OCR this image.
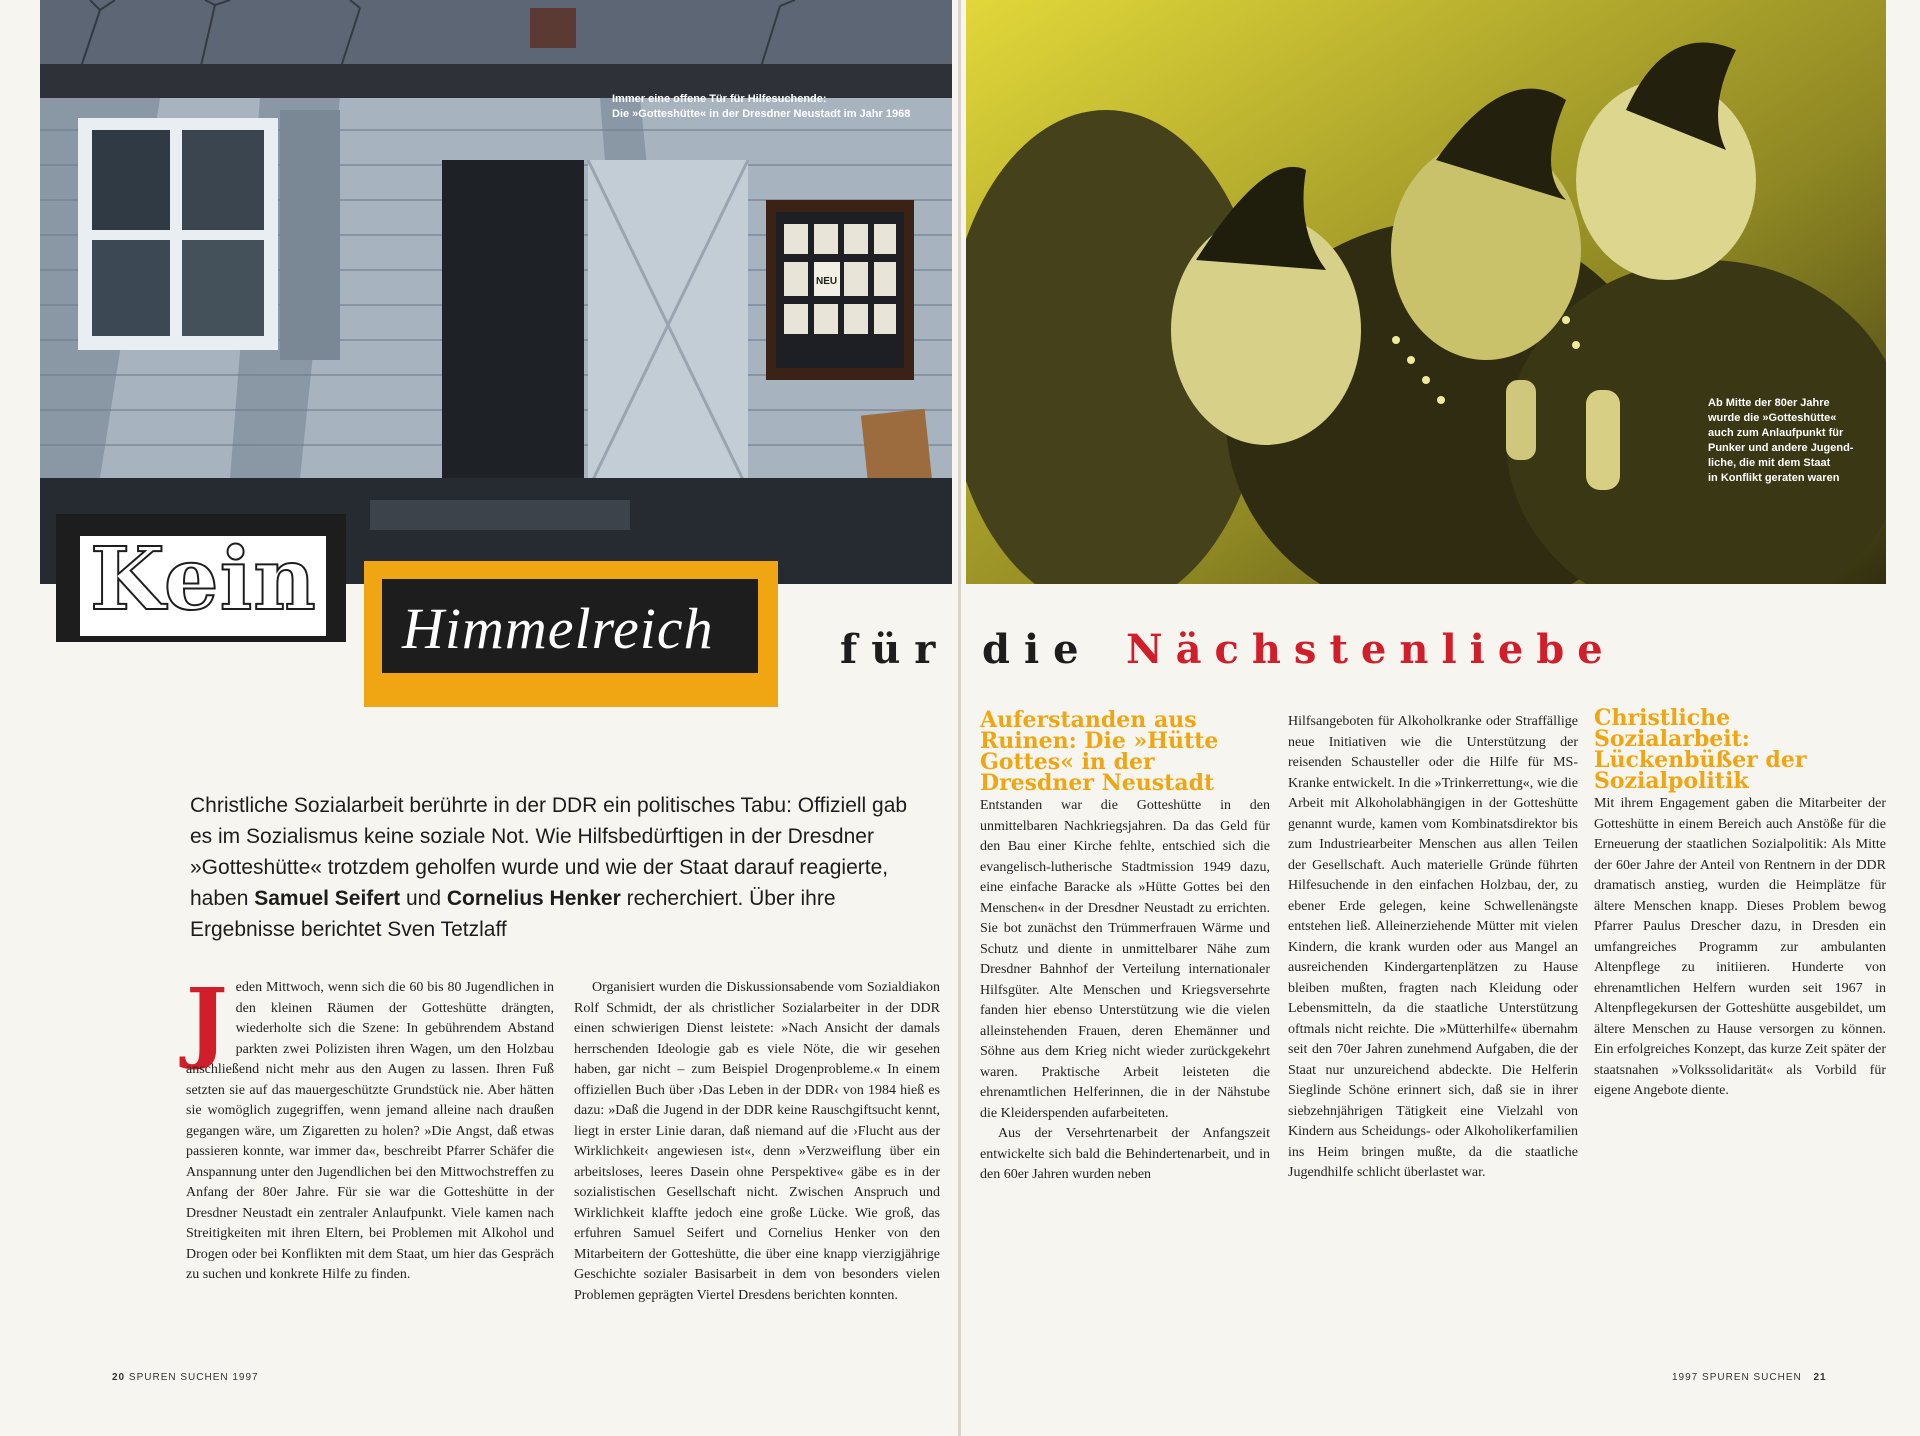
NEU
Immer eine offene Tür für Hilfesuchende:
Die »Gotteshütte« in der Dresdner Neustadt im Jahr 1968
Ab Mitte der 80er Jahre
wurde die »Gotteshütte«
auch zum Anlaufpunkt für
Punker und andere Jugend-
liche, die mit dem Staat
in Konflikt geraten waren
Kein Himmelreich	für die Nächstenliebe
Christliche Sozialarbeit berührte in der DDR ein politisches Tabu: Offiziell gab es im Sozialismus keine soziale Not. Wie Hilfsbedürftigen in der Dresdner »Gotteshütte« trotzdem geholfen wurde und wie der Staat darauf reagierte, haben Samuel Seifert und Cornelius Henker recherchiert. Über ihre Ergebnisse berichtet Sven Tetzlaff

Jeden Mittwoch, wenn sich die 60 bis 80 Jugendlichen in den kleinen Räumen der Gotteshütte drängten, wiederholte sich die Szene: In gebührendem Abstand parkten zwei Polizisten ihren Wagen, um den Holzbau anschließend nicht mehr aus den Augen zu lassen. Ihren Fuß setzten sie auf das mauergeschützte Grundstück nie. Aber hätten sie womöglich zugegriffen, wenn jemand alleine nach draußen gegangen wäre, um Zigaretten zu holen? »Die Angst, daß etwas passieren konnte, war immer da«, beschreibt Pfarrer Schäfer die Anspannung unter den Jugendlichen bei den Mittwochstreffen zu Anfang der 80er Jahre. Für sie war die Gotteshütte in der Dresdner Neustadt ein zentraler Anlaufpunkt. Viele kamen nach Streitigkeiten mit ihren Eltern, bei Problemen mit Alkohol und Drogen oder bei Konflikten mit dem Staat, um hier das Gespräch zu suchen und konkrete Hilfe zu finden.

Organisiert wurden die Diskussionsabende vom Sozialdiakon Rolf Schmidt, der als christlicher Sozialarbeiter in der DDR einen schwierigen Dienst leistete: »Nach Ansicht der damals herrschenden Ideologie gab es viele Nöte, die wir gesehen haben, gar nicht – zum Beispiel Drogenprobleme.« In einem offiziellen Buch über ›Das Leben in der DDR‹ von 1984 hieß es dazu: »Daß die Jugend in der DDR keine Rauschgiftsucht kennt, liegt in erster Linie daran, daß niemand auf die ›Flucht aus der Wirklichkeit‹ angewiesen ist«, denn »Verzweiflung über ein arbeitsloses, leeres Dasein ohne Perspektive« gäbe es in der sozialistischen Gesellschaft nicht. Zwischen Anspruch und Wirklichkeit klaffte jedoch eine große Lücke. Wie groß, das erfuhren Samuel Seifert und Cornelius Henker von den Mitarbeitern der Gotteshütte, die über eine knapp vierzigjährige Geschichte sozialer Basisarbeit in dem von besonders vielen Problemen geprägten Viertel Dresdens berichten konnten.

Auferstanden aus Ruinen: Die »Hütte Gottes« in der Dresdner Neustadt

Entstanden war die Gotteshütte in den unmittelbaren Nachkriegsjahren. Da das Geld für den Bau einer Kirche fehlte, entschied sich die evangelisch-lutherische Stadtmission 1949 dazu, eine einfache Baracke als »Hütte Gottes bei den Menschen« in der Dresdner Neustadt zu errichten. Sie bot zunächst den Trümmerfrauen Wärme und Schutz und diente in unmittelbarer Nähe zum Dresdner Bahnhof der Verteilung internationaler Hilfsgüter. Alte Menschen und Kriegsversehrte fanden hier ebenso Unterstützung wie die vielen alleinstehenden Frauen, deren Ehemänner und Söhne aus dem Krieg nicht wieder zurückgekehrt waren. Praktische Arbeit leisteten die ehrenamtlichen Helferinnen, die in der Nähstube die Kleiderspenden aufarbeiteten.

Aus der Versehrtenarbeit der Anfangszeit entwickelte sich bald die Behindertenarbeit, und in den 60er Jahren wurden neben

Hilfsangeboten für Alkoholkranke oder Straffällige neue Initiativen wie die Unterstützung der reisenden Schausteller oder die Hilfe für MS-Kranke entwickelt. In die »Trinkerrettung«, wie die Arbeit mit Alkoholabhängigen in der Gotteshütte genannt wurde, kamen vom Kombinatsdirektor bis zum Industriearbeiter Menschen aus allen Teilen der Gesellschaft. Auch materielle Gründe führten Hilfesuchende in den einfachen Holzbau, der, zu ebener Erde gelegen, keine Schwellenängste entstehen ließ. Alleinerziehende Mütter mit vielen Kindern, die krank wurden oder aus Mangel an ausreichenden Kindergartenplätzen zu Hause bleiben mußten, fragten nach Kleidung oder Lebensmitteln, da die staatliche Unterstützung oftmals nicht reichte. Die »Mütterhilfe« übernahm seit den 70er Jahren zunehmend Aufgaben, die der Staat nur unzureichend abdeckte. Die Helferin Sieglinde Schöne erinnert sich, daß sie in ihrer siebzehnjährigen Tätigkeit eine Vielzahl von Kindern aus Scheidungs- oder Alkoholikerfamilien ins Heim bringen mußte, da die staatliche Jugendhilfe schlicht überlastet war.

Christliche Sozialarbeit: Lückenbüßer der Sozialpolitik

Mit ihrem Engagement gaben die Mitarbeiter der Gotteshütte in einem Bereich auch Anstöße für die Erneuerung der staatlichen Sozialpolitik: Als Mitte der 60er Jahre der Anteil von Rentnern in der DDR dramatisch anstieg, wurden die Heimplätze für ältere Menschen knapp. Dieses Problem bewog Pfarrer Paulus Drescher dazu, in Dresden ein umfangreiches Programm zur ambulanten Altenpflege zu initiieren. Hunderte von ehrenamtlichen Helfern wurden seit 1967 in Altenpflegekursen der Gotteshütte ausgebildet, um ältere Menschen zu Hause versorgen zu können. Ein erfolgreiches Konzept, das kurze Zeit später der staatsnahen »Volkssolidarität« als Vorbild für eigene Angebote diente.

20 SPUREN SUCHEN 1997	1997 SPUREN SUCHEN 21
